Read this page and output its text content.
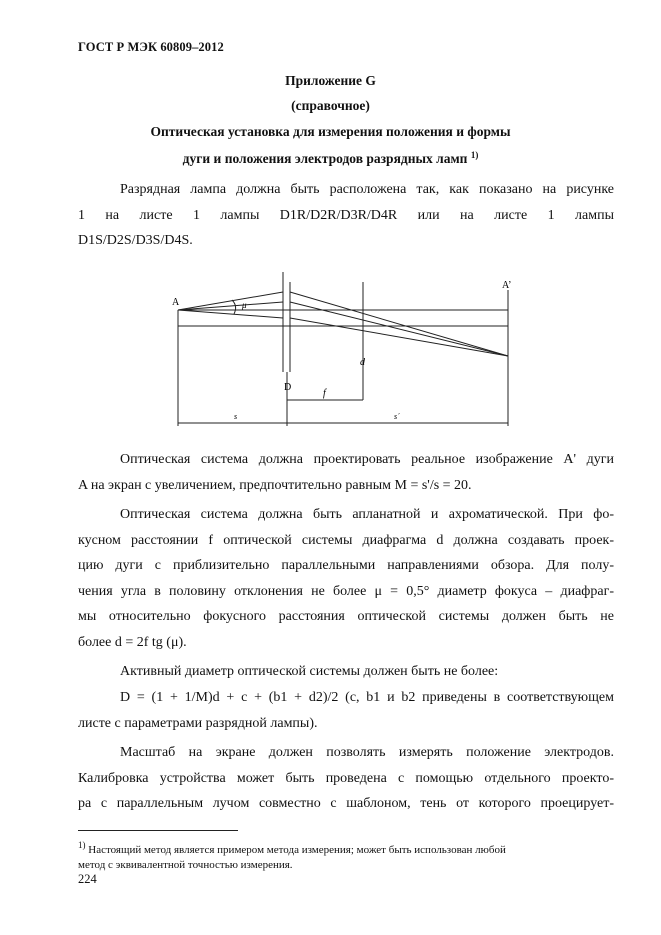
ГОСТ Р МЭК 60809–2012
Приложение G
(справочное)
Оптическая установка для измерения положения и формы
дуги и положения электродов разрядных ламп $^{1)}$
Разрядная лампа должна быть расположена так, как показано на рисунке
1 на листе 1 лампы D1R/D2R/D3R/D4R или на листе 1 лампы
D1S/D2S/D3S/D4S.
A
A’
μ
D
d
f
s	s´
Оптическая система должна проектировать реальное изображение A' дуги
A на экран с увеличением, предпочтительно равным M = s'/s = 20.
Оптическая система должна быть апланатной и ахроматической. При фо-
кусном расстоянии f оптической системы диафрагма d должна создавать проек-
цию дуги с приблизительно параллельными направлениями обзора. Для полу-
чения угла в половину отклонения не более μ = 0,5° диаметр фокуса – диафраг-
мы относительно фокусного расстояния оптической системы должен быть не
более d = 2f tg (μ).
Активный диаметр оптической системы должен быть не более:
D = (1 + 1/M)d + c + (b1 + d2)/2 (c, b1 и b2 приведены в соответствующем
листе с параметрами разрядной лампы).
Масштаб на экране должен позволять измерять положение электродов.
Калибровка устройства может быть проведена с помощью отдельного проекто-
ра с параллельным лучом совместно с шаблоном, тень от которого проецирует-
$^{1)}$ Настоящий метод является примером метода измерения; может быть использован любой
метод с эквивалентной точностью измерения.
224
